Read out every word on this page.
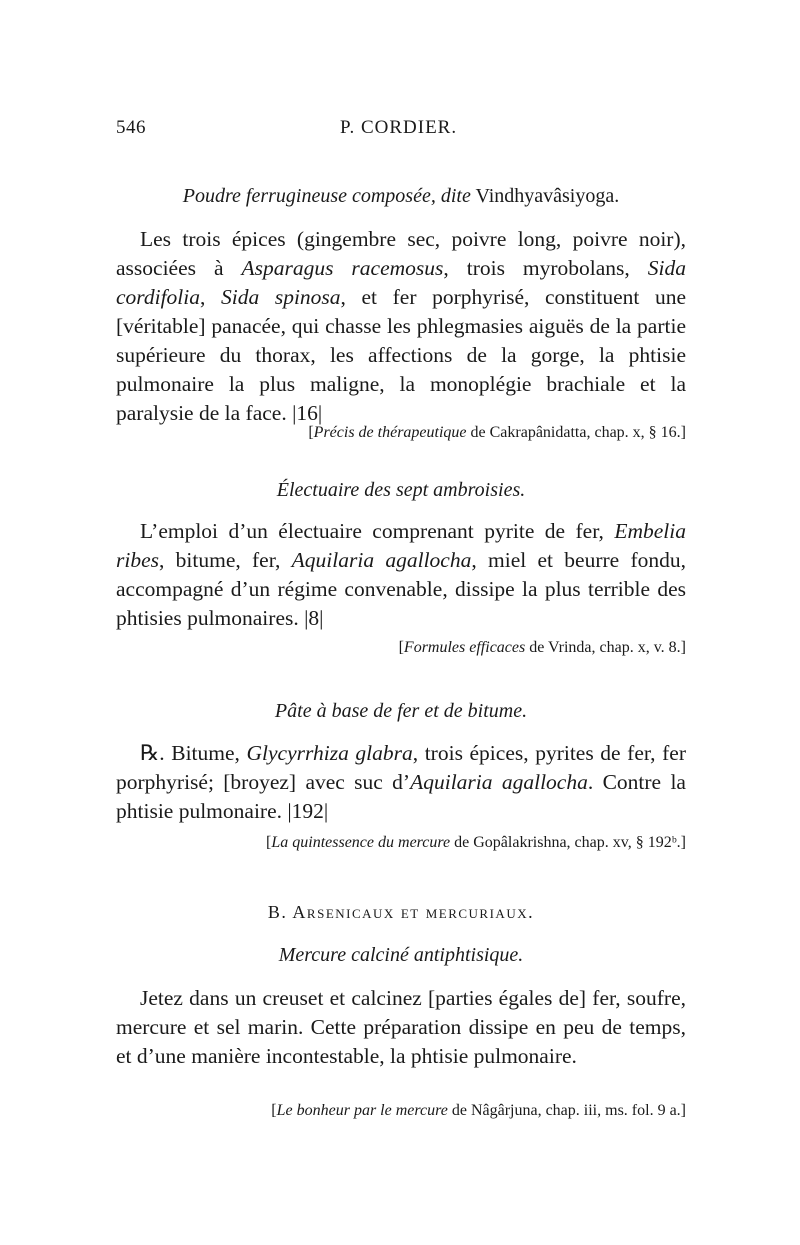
546	P. CORDIER.
Poudre ferrugineuse composée, dite Vindhyavâsiyoga.

Les trois épices (gingembre sec, poivre long, poivre noir), associées à Asparagus racemosus, trois myrobolans, Sida cordifolia, Sida spinosa, et fer porphyrisé, constituent une [véritable] panacée, qui chasse les phlegmasies aiguës de la partie supérieure du thorax, les affections de la gorge, la phtisie pulmonaire la plus maligne, la monoplégie brachiale et la paralysie de la face. |16|

[Précis de thérapeutique de Cakrapânidatta, chap. x, § 16.]
Électuaire des sept ambroisies.

L’emploi d’un électuaire comprenant pyrite de fer, Embelia ribes, bitume, fer, Aquilaria agallocha, miel et beurre fondu, accompagné d’un régime convenable, dissipe la plus terrible des phtisies pulmonaires. |8|

[Formules efficaces de Vrinda, chap. x, v. 8.]
Pâte à base de fer et de bitume.

℞. Bitume, Glycyrrhiza glabra, trois épices, pyrites de fer, fer porphyrisé; [broyez] avec suc d’Aquilaria agallocha. Contre la phtisie pulmonaire. |192|

[La quintessence du mercure de Gopâlakrishna, chap. xv, § 192ᵇ.]
B. Arsenicaux et mercuriaux.
Mercure calciné antiphtisique.

Jetez dans un creuset et calcinez [parties égales de] fer, soufre, mercure et sel marin. Cette préparation dissipe en peu de temps, et d’une manière incontestable, la phtisie pulmonaire.

[Le bonheur par le mercure de Nâgârjuna, chap. iii, ms. fol. 9 a.]
